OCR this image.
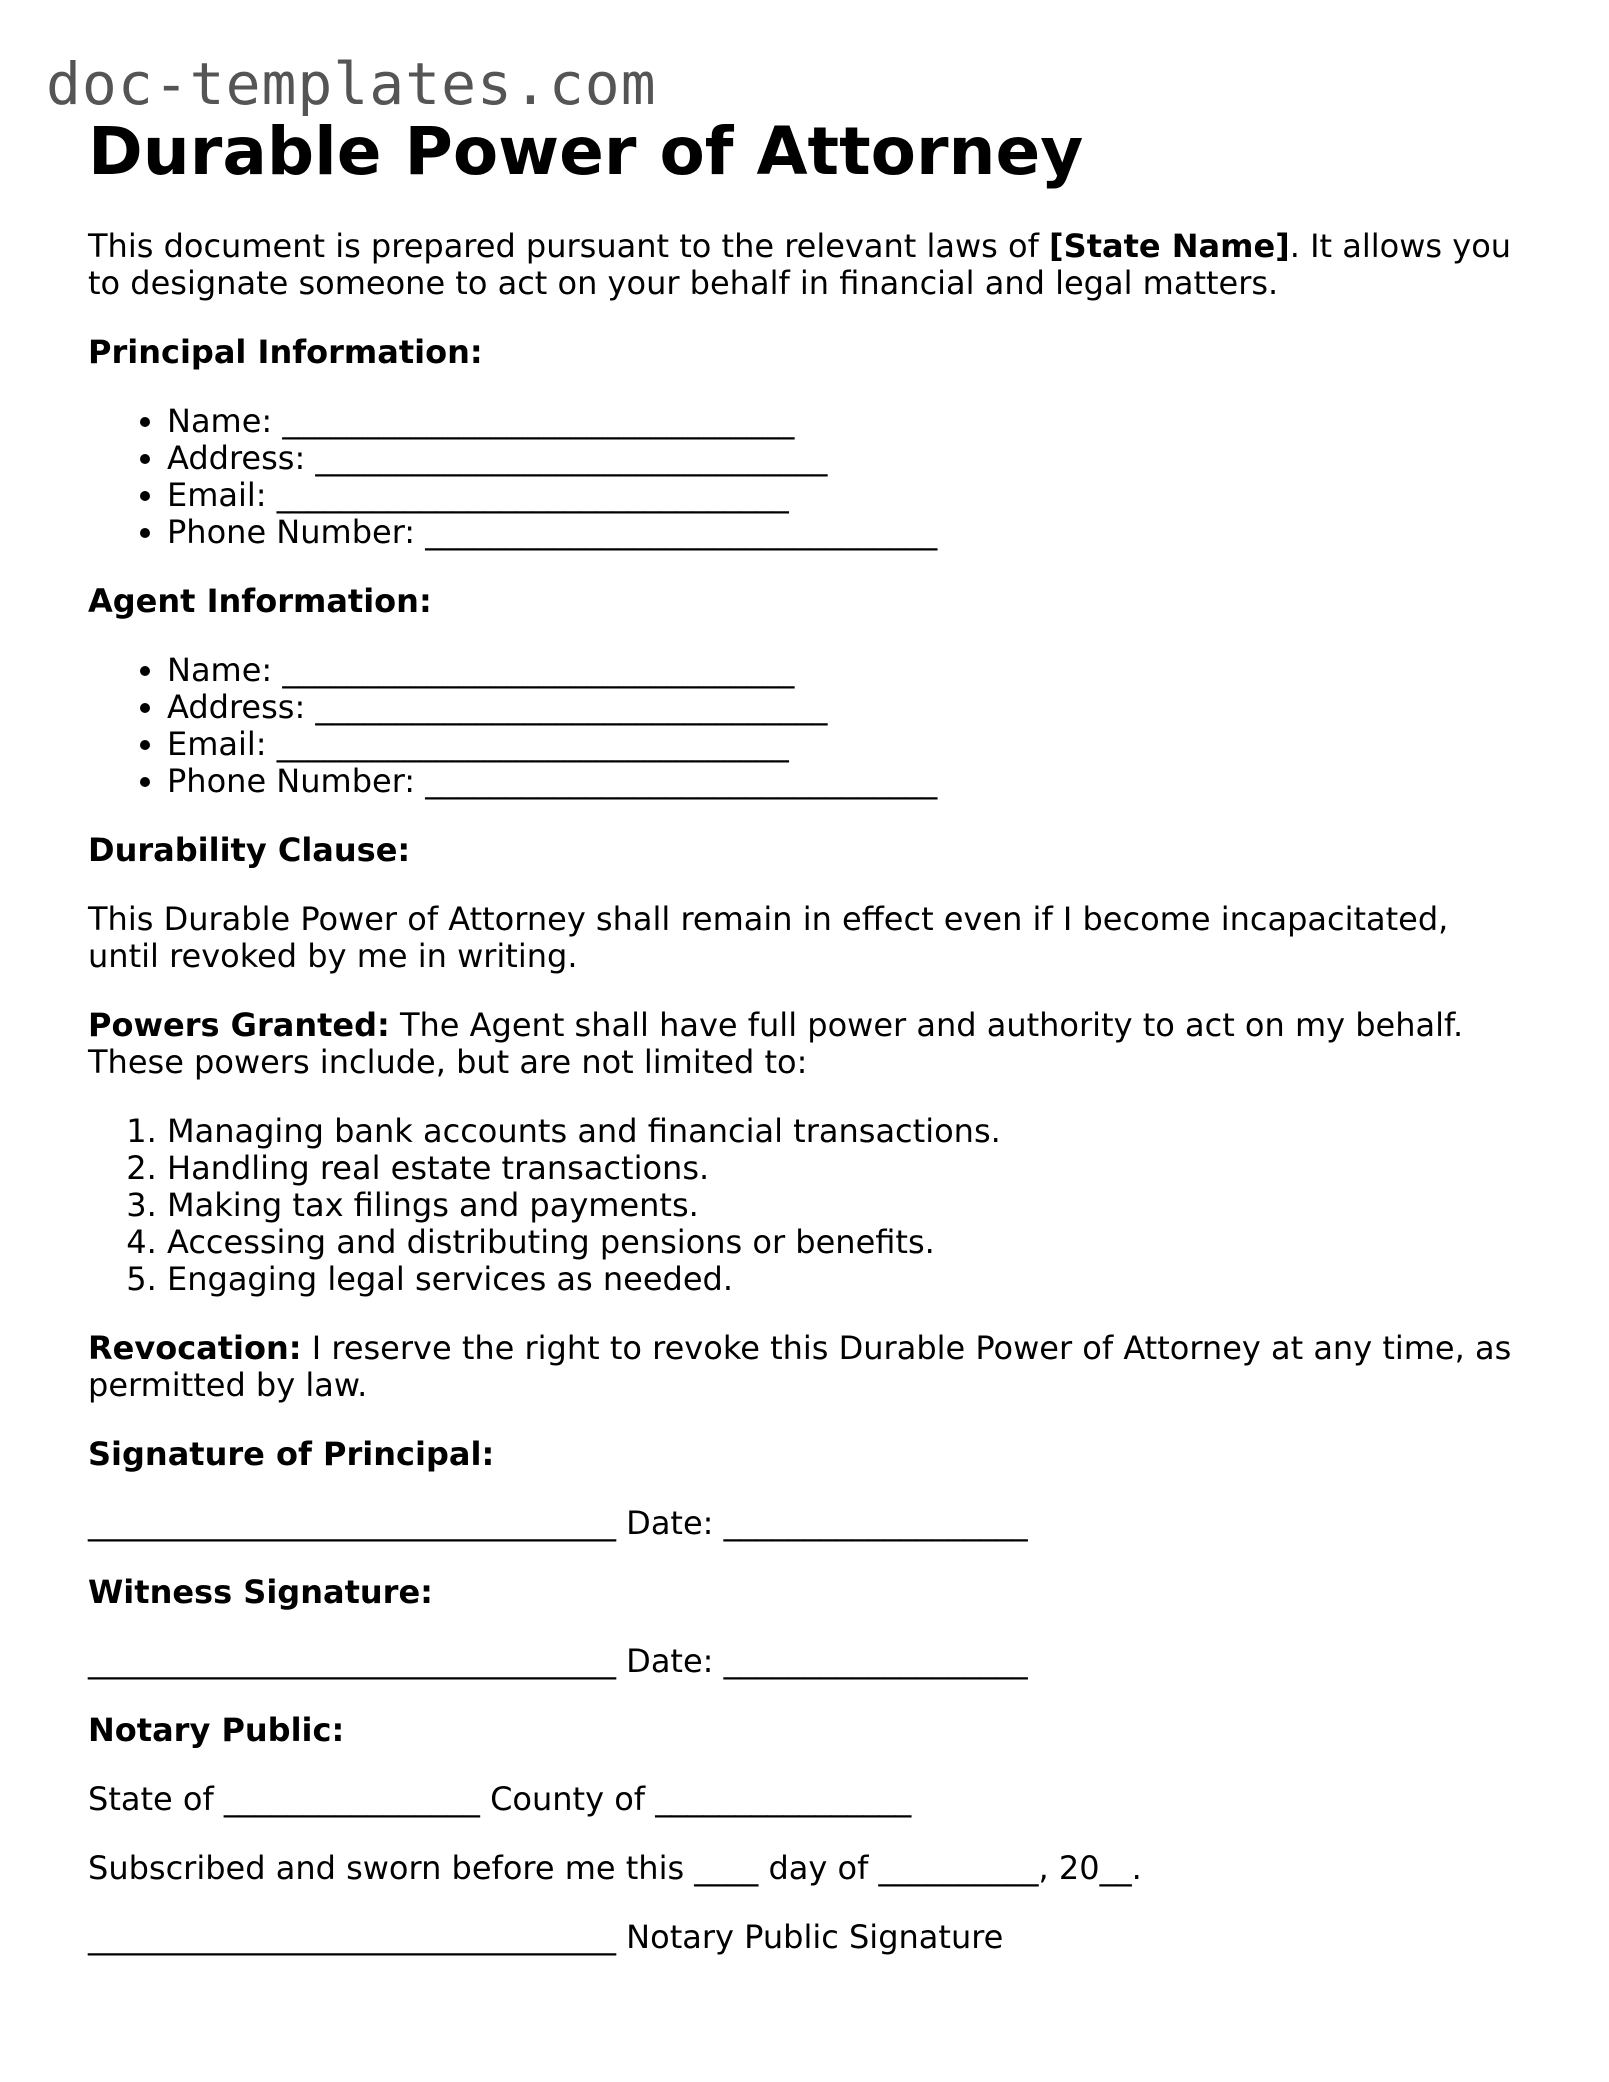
doc-templates.com
Durable Power of Attorney

This document is prepared pursuant to the relevant laws of [State Name]. It allows you to designate someone to act on your behalf in financial and legal matters.

Principal Information:

• Name: ________________________________
• Address: ________________________________
• Email: ________________________________
• Phone Number: ________________________________

Agent Information:

• Name: ________________________________
• Address: ________________________________
• Email: ________________________________
• Phone Number: ________________________________

Durability Clause:

This Durable Power of Attorney shall remain in effect even if I become incapacitated, until revoked by me in writing.

Powers Granted: The Agent shall have full power and authority to act on my behalf. These powers include, but are not limited to:

1. Managing bank accounts and financial transactions.
2. Handling real estate transactions.
3. Making tax filings and payments.
4. Accessing and distributing pensions or benefits.
5. Engaging legal services as needed.

Revocation: I reserve the right to revoke this Durable Power of Attorney at any time, as permitted by law.

Signature of Principal:

_________________________________ Date: ___________________

Witness Signature:

_________________________________ Date: ___________________

Notary Public:

State of ________________ County of ________________

Subscribed and sworn before me this ____ day of __________, 20__.

_________________________________ Notary Public Signature
